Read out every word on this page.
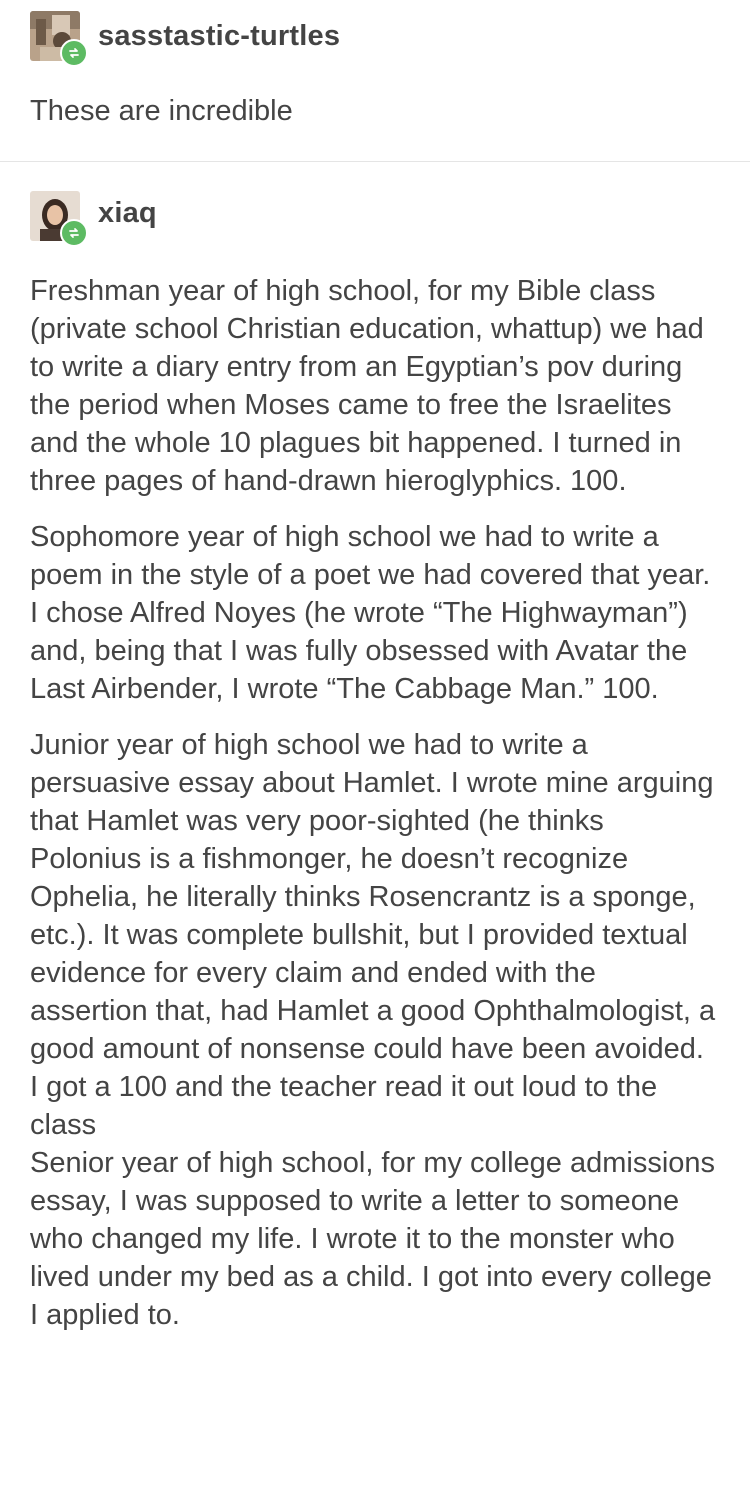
sasstastic-turtles

These are incredible

xiaq

Freshman year of high school, for my Bible class (private school Christian education, whattup) we had to write a diary entry from an Egyptian’s pov during the period when Moses came to free the Israelites and the whole 10 plagues bit happened. I turned in three pages of hand-drawn hieroglyphics. 100.

Sophomore year of high school we had to write a poem in the style of a poet we had covered that year. I chose Alfred Noyes (he wrote “The Highwayman”) and, being that I was fully obsessed with Avatar the Last Airbender, I wrote “The Cabbage Man.” 100.

Junior year of high school we had to write a persuasive essay about Hamlet. I wrote mine arguing that Hamlet was very poor-sighted (he thinks Polonius is a fishmonger, he doesn’t recognize Ophelia, he literally thinks Rosencrantz is a sponge, etc.). It was complete bullshit, but I provided textual evidence for every claim and ended with the assertion that, had Hamlet a good Ophthalmologist, a good amount of nonsense could have been avoided. I got a 100 and the teacher read it out loud to the class

Senior year of high school, for my college admissions essay, I was supposed to write a letter to someone who changed my life. I wrote it to the monster who lived under my bed as a child. I got into every college I applied to.
